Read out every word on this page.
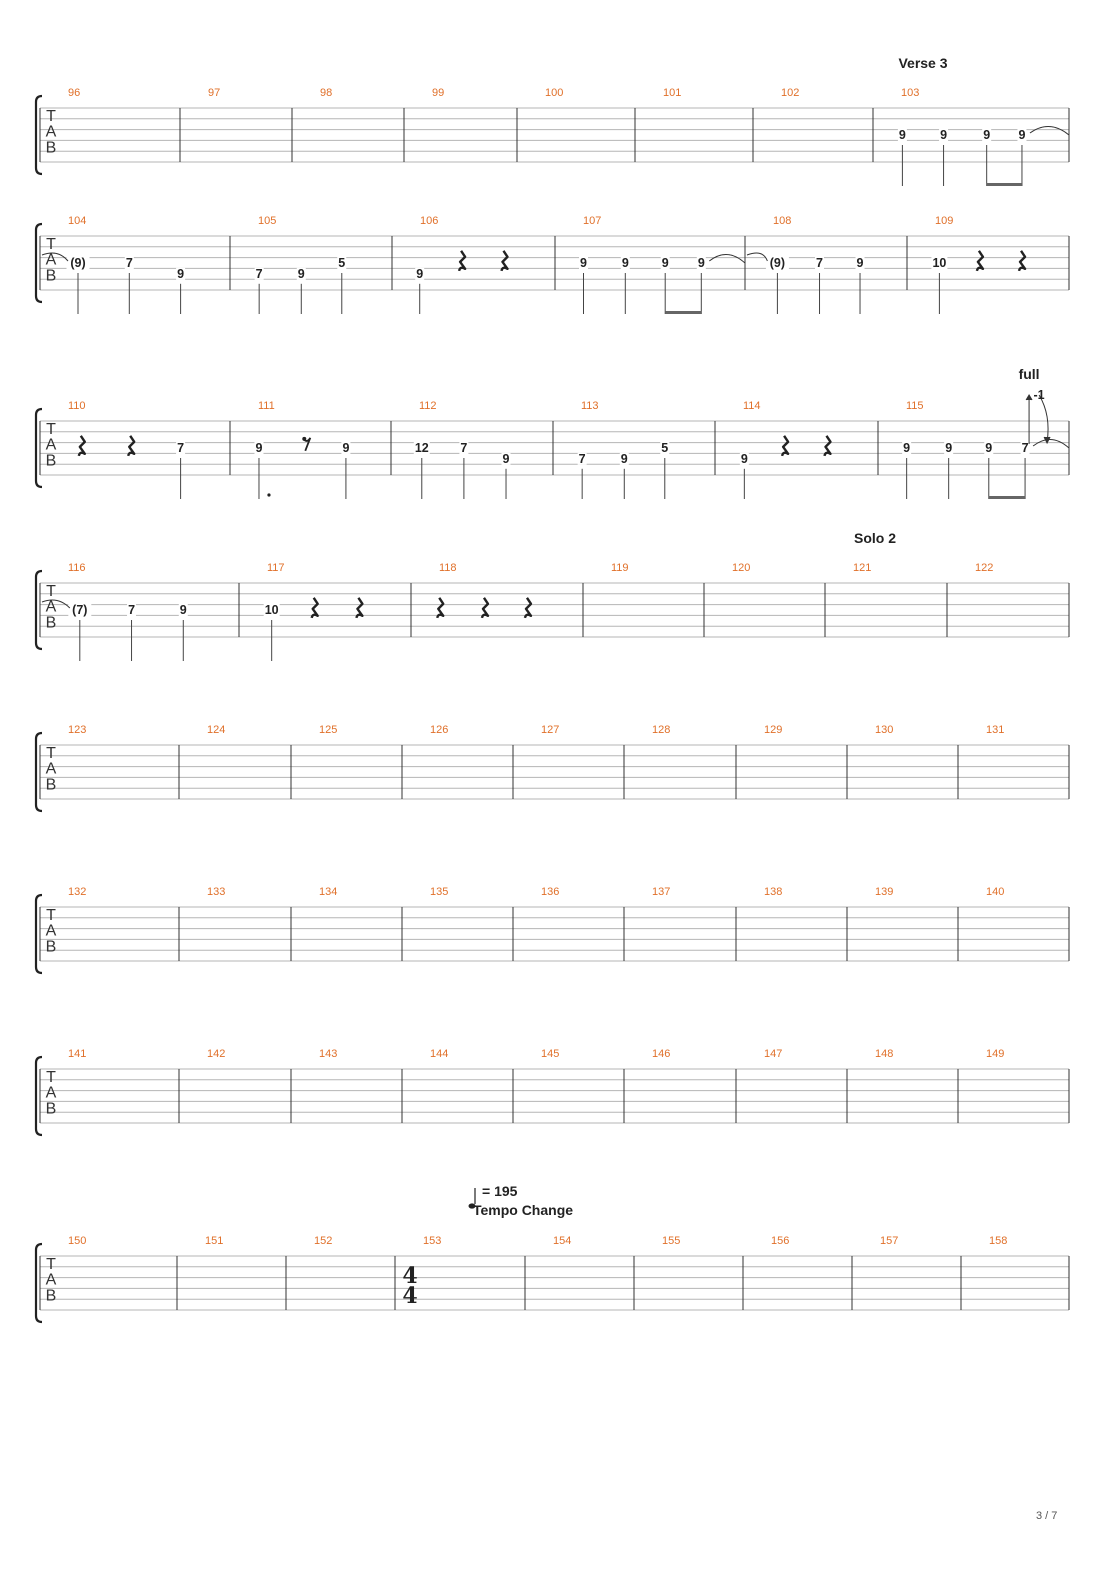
T
A
B
96	97	98	99	100	101	102	103
Verse 3
9	9	9 9
T
A
B
104
(9)	7
9
105
7	9
5
106
9
107
9	9	9 9
108
(9) 7	9
109
10
T
A
B
110
7
111
9	9
112
12	7
9
113
7	9
5
114
9
115
9	9	9 7
full
-1
T
A
B
116
(7)	7	9
117
10
118	119	120	121
Solo 2
122
T
A
B
123	124	125	126	127	128	129	130	131
T
A
B
132	133	134	135	136	137	138	139	140
T
A
B
141	142	143	144	145	146	147	148	149
T
A
B
150	151	152	153
= 195
Tempo Change
4
4
154	155	156	157	158
3 / 7
